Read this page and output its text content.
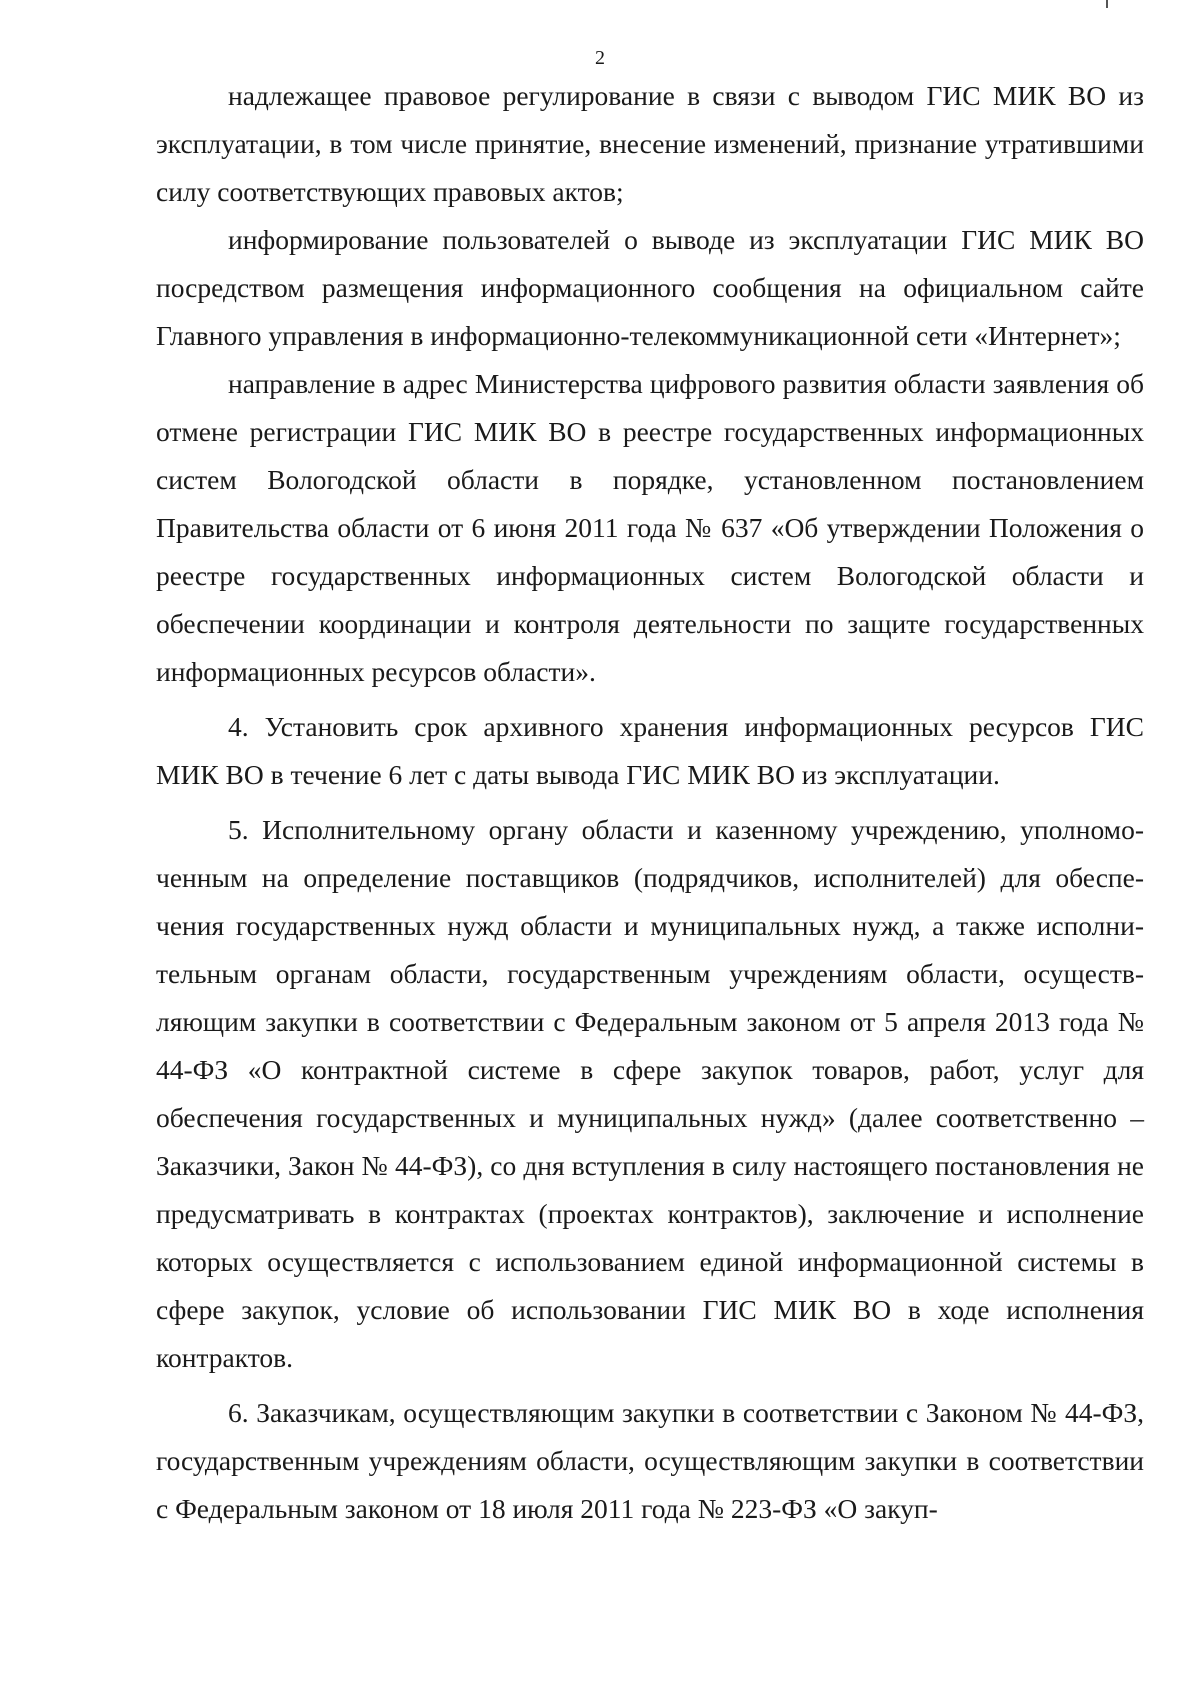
2

надлежащее правовое регулирование в связи с выводом ГИС МИК ВО из эксплуатации, в том числе принятие, внесение изменений, признание утратившими силу соответствующих правовых актов;

информирование пользователей о выводе из эксплуатации ГИС МИК ВО посредством размещения информационного сообщения на официальном сайте Главного управления в информационно-телекоммуникационной сети «Интернет»;

направление в адрес Министерства цифрового развития области заявления об отмене регистрации ГИС МИК ВО в реестре государственных информационных систем Вологодской области в порядке, установленном постановлением Правительства области от 6 июня 2011 года № 637 «Об утверждении Положения о реестре государственных информационных систем Вологодской области и обеспечении координации и контроля деятельности по защите государственных информационных ресурсов области».

4. Установить срок архивного хранения информационных ресурсов ГИС МИК ВО в течение 6 лет с даты вывода ГИС МИК ВО из эксплуатации.

5. Исполнительному органу области и казенному учреждению, уполномоченным на определение поставщиков (подрядчиков, исполнителей) для обеспечения государственных нужд области и муниципальных нужд, а также исполнительным органам области, государственным учреждениям области, осуществляющим закупки в соответствии с Федеральным законом от 5 апреля 2013 года № 44-ФЗ «О контрактной системе в сфере закупок товаров, работ, услуг для обеспечения государственных и муниципальных нужд» (далее соответственно – Заказчики, Закон № 44-ФЗ), со дня вступления в силу настоящего постановления не предусматривать в контрактах (проектах контрактов), заключение и исполнение которых осуществляется с использованием единой информационной системы в сфере закупок, условие об использовании ГИС МИК ВО в ходе исполнения контрактов.

6. Заказчикам, осуществляющим закупки в соответствии с Законом № 44-ФЗ, государственным учреждениям области, осуществляющим закупки в соответствии с Федеральным законом от 18 июля 2011 года № 223-ФЗ «О закуп-
